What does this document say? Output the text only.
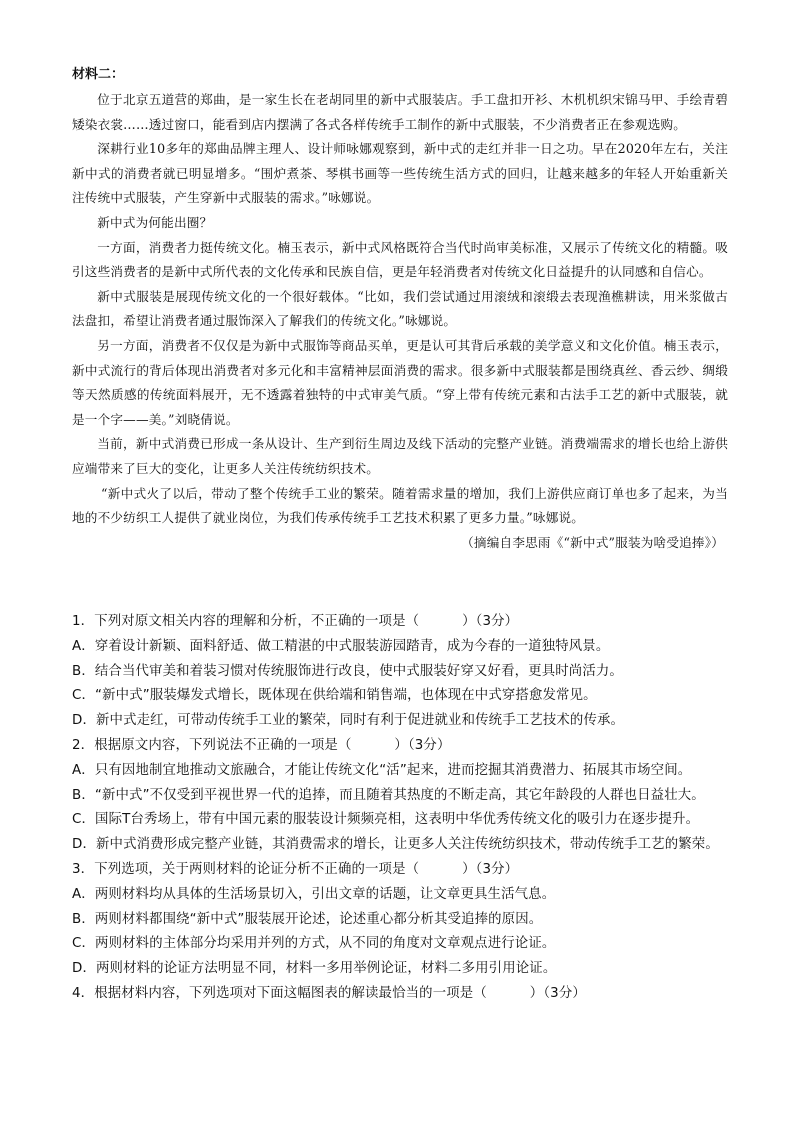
材料二：

位于北京五道营的郑曲，是一家生长在老胡同里的新中式服装店。手工盘扣开衫、木机机织宋锦马甲、手绘青碧矮染衣裳……透过窗口，能看到店内摆满了各式各样传统手工制作的新中式服装，不少消费者正在参观选购。

深耕行业10多年的郑曲品牌主理人、设计师咏娜观察到，新中式的走红并非一日之功。早在2020年左右，关注新中式的消费者就已明显增多。“围炉煮茶、琴棋书画等一些传统生活方式的回归，让越来越多的年轻人开始重新关注传统中式服装，产生穿新中式服装的需求。”咏娜说。

新中式为何能出圈？

一方面，消费者力挺传统文化。楠玉表示，新中式风格既符合当代时尚审美标准，又展示了传统文化的精髓。吸引这些消费者的是新中式所代表的文化传承和民族自信，更是年轻消费者对传统文化日益提升的认同感和自信心。

新中式服装是展现传统文化的一个很好载体。“比如，我们尝试通过用滚绒和滚缎去表现渔樵耕读，用米浆做古法盘扣，希望让消费者通过服饰深入了解我们的传统文化。”咏娜说。

另一方面，消费者不仅仅是为新中式服饰等商品买单，更是认可其背后承载的美学意义和文化价值。楠玉表示，新中式流行的背后体现出消费者对多元化和丰富精神层面消费的需求。很多新中式服装都是围绕真丝、香云纱、绸缎等天然质感的传统面料展开，无不透露着独特的中式审美气质。“穿上带有传统元素和古法手工艺的新中式服装，就是一个字——美。”刘晓倩说。

当前，新中式消费已形成一条从设计、生产到衍生周边及线下活动的完整产业链。消费端需求的增长也给上游供应端带来了巨大的变化，让更多人关注传统纺织技术。

“新中式火了以后，带动了整个传统手工业的繁荣。随着需求量的增加，我们上游供应商订单也多了起来，为当地的不少纺织工人提供了就业岗位，为我们传承传统手工艺技术积累了更多力量。”咏娜说。

（摘编自李思雨《“新中式”服装为啥受追捧》）
1．下列对原文相关内容的理解和分析，不正确的一项是（	）（3分）
A．穿着设计新颖、面料舒适、做工精湛的中式服装游园踏青，成为今春的一道独特风景。
B．结合当代审美和着装习惯对传统服饰进行改良，使中式服装好穿又好看，更具时尚活力。
C．“新中式”服装爆发式增长，既体现在供给端和销售端，也体现在中式穿搭愈发常见。
D．新中式走红，可带动传统手工业的繁荣，同时有利于促进就业和传统手工艺技术的传承。
2．根据原文内容，下列说法不正确的一项是（	）（3分）
A．只有因地制宜地推动文旅融合，才能让传统文化“活”起来，进而挖掘其消费潜力、拓展其市场空间。
B．“新中式”不仅受到平视世界一代的追捧，而且随着其热度的不断走高，其它年龄段的人群也日益壮大。
C．国际T台秀场上，带有中国元素的服装设计频频亮相，这表明中华优秀传统文化的吸引力在逐步提升。
D．新中式消费形成完整产业链，其消费需求的增长，让更多人关注传统纺织技术，带动传统手工艺的繁荣。
3．下列选项，关于两则材料的论证分析不正确的一项是（	）（3分）
A．两则材料均从具体的生活场景切入，引出文章的话题，让文章更具生活气息。
B．两则材料都围绕“新中式”服装展开论述，论述重心都分析其受追捧的原因。
C．两则材料的主体部分均采用并列的方式，从不同的角度对文章观点进行论证。
D．两则材料的论证方法明显不同，材料一多用举例论证，材料二多用引用论证。
4．根据材料内容，下列选项对下面这幅图表的解读最恰当的一项是（	）（3分）
